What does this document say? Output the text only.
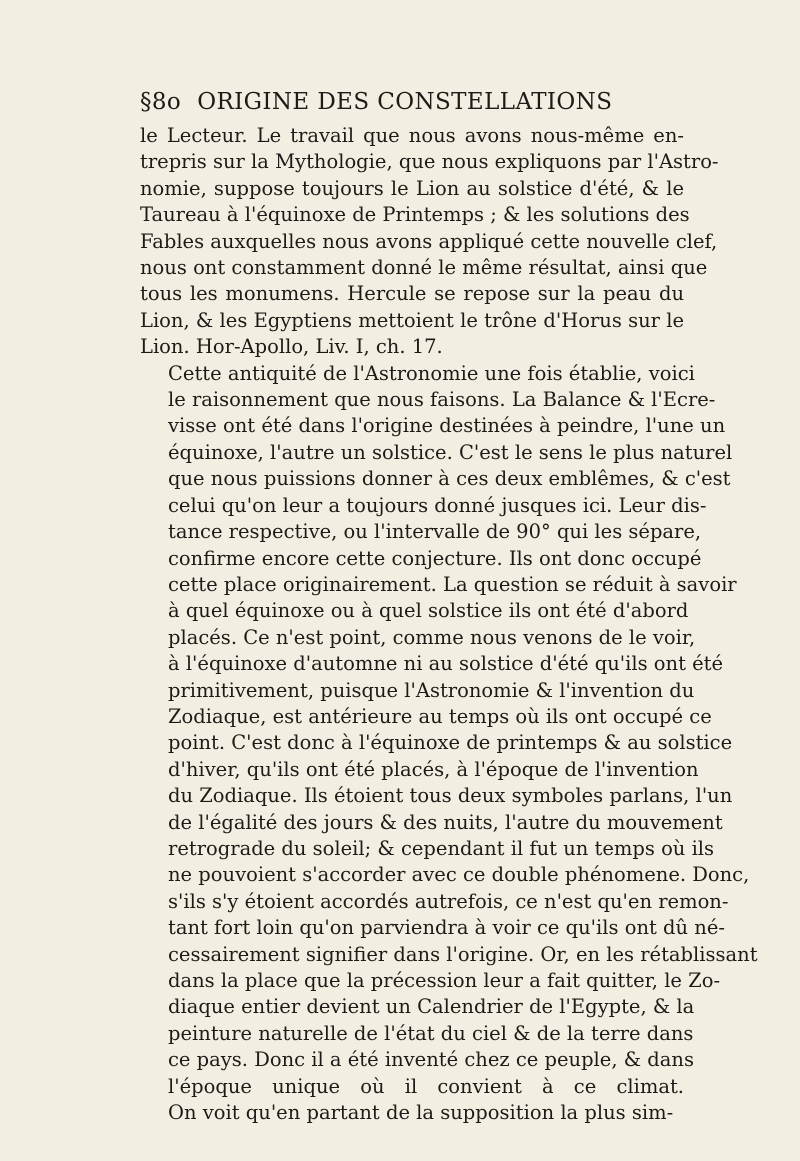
§8o ORIGINE DES CONSTELLATIONS

le Lecteur. Le travail que nous avons nous-même en-
trepris sur la Mythologie, que nous expliquons par l'Astro-
nomie, suppose toujours le Lion au solstice d'été, & le
Taureau à l'équinoxe de Printemps ; & les solutions des
Fables auxquelles nous avons appliqué cette nouvelle clef,
nous ont constamment donné le même résultat, ainsi que
tous les monumens. Hercule se repose sur la peau du
Lion, & les Egyptiens mettoient le trône d'Horus sur le
Lion. Hor-Apollo, Liv. I, ch. 17.

Cette antiquité de l'Astronomie une fois établie, voici
le raisonnement que nous faisons. La Balance & l'Ecre-
visse ont été dans l'origine destinées à peindre, l'une un
équinoxe, l'autre un solstice. C'est le sens le plus naturel
que nous puissions donner à ces deux emblêmes, & c'est
celui qu'on leur a toujours donné jusques ici. Leur dis-
tance respective, ou l'intervalle de 90° qui les sépare,
confirme encore cette conjecture. Ils ont donc occupé
cette place originairement. La question se réduit à savoir
à quel équinoxe ou à quel solstice ils ont été d'abord
placés. Ce n'est point, comme nous venons de le voir,
à l'équinoxe d'automne ni au solstice d'été qu'ils ont été
primitivement, puisque l'Astronomie & l'invention du
Zodiaque, est antérieure au temps où ils ont occupé ce
point. C'est donc à l'équinoxe de printemps & au solstice
d'hiver, qu'ils ont été placés, à l'époque de l'invention
du Zodiaque. Ils étoient tous deux symboles parlans, l'un
de l'égalité des jours & des nuits, l'autre du mouvement
retrograde du soleil; & cependant il fut un temps où ils
ne pouvoient s'accorder avec ce double phénomene. Donc,
s'ils s'y étoient accordés autrefois, ce n'est qu'en remon-
tant fort loin qu'on parviendra à voir ce qu'ils ont dû né-
cessairement signifier dans l'origine. Or, en les rétablissant
dans la place que la précession leur a fait quitter, le Zo-
diaque entier devient un Calendrier de l'Egypte, & la
peinture naturelle de l'état du ciel & de la terre dans
ce pays. Donc il a été inventé chez ce peuple, & dans
l'époque unique où il convient à ce climat.
On voit qu'en partant de la supposition la plus sim-
